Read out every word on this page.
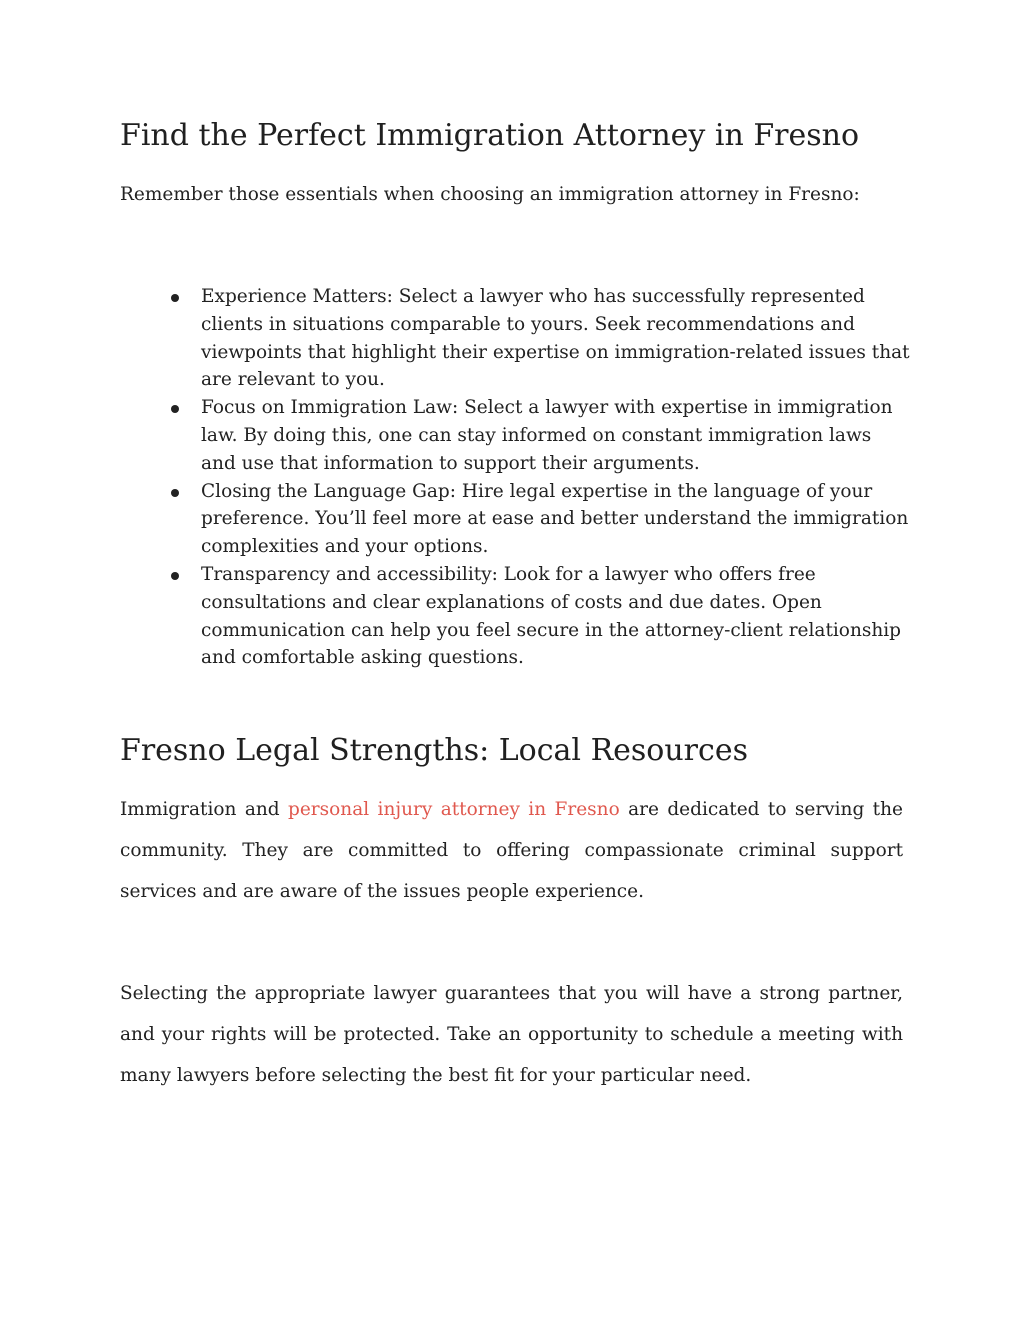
Find the Perfect Immigration Attorney in Fresno

Remember those essentials when choosing an immigration attorney in Fresno:

Experience Matters: Select a lawyer who has successfully represented clients in situations comparable to yours. Seek recommendations and viewpoints that highlight their expertise on immigration-related issues that are relevant to you.
Focus on Immigration Law: Select a lawyer with expertise in immigration law. By doing this, one can stay informed on constant immigration laws and use that information to support their arguments.
Closing the Language Gap: Hire legal expertise in the language of your preference. You’ll feel more at ease and better understand the immigration complexities and your options.
Transparency and accessibility: Look for a lawyer who offers free consultations and clear explanations of costs and due dates. Open communication can help you feel secure in the attorney-client relationship and comfortable asking questions.
Fresno Legal Strengths: Local Resources

Immigration and personal injury attorney in Fresno are dedicated to serving the community. They are committed to offering compassionate criminal support services and are aware of the issues people experience.

Selecting the appropriate lawyer guarantees that you will have a strong partner, and your rights will be protected. Take an opportunity to schedule a meeting with many lawyers before selecting the best fit for your particular need.
